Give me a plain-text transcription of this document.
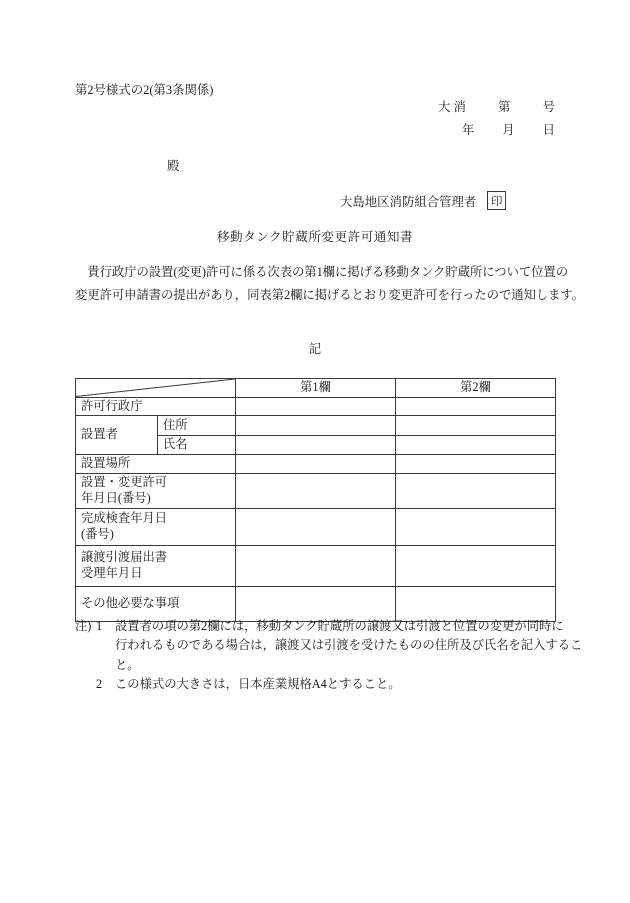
第2号様式の2(第3条関係)
大 消	第	号
年 月 日
殿
大島地区消防組合管理者	印
移動タンク貯蔵所変更許可通知書
　貴行政庁の設置(変更)許可に係る次表の第1欄に掲げる移動タンク貯蔵所について位置の
変更許可申請書の提出があり，同表第2欄に掲げるとおり変更許可を行ったので通知します。
記
	第1欄	第2欄
許可行政庁			
設置者	住所		
	氏名		
設置場所			

設置・変更許可
年月日(番号)			

完成検査年月日
(番号)			

譲渡引渡届出書
受理年月日			

その他必要な事項			
注) 1	設置者の項の第2欄には，移動タンク貯蔵所の譲渡又は引渡と位置の変更が同時に
行われるものである場合は，譲渡又は引渡を受けたものの住所及び氏名を記入するこ
と。
2	この様式の大きさは，日本産業規格A4とすること。
